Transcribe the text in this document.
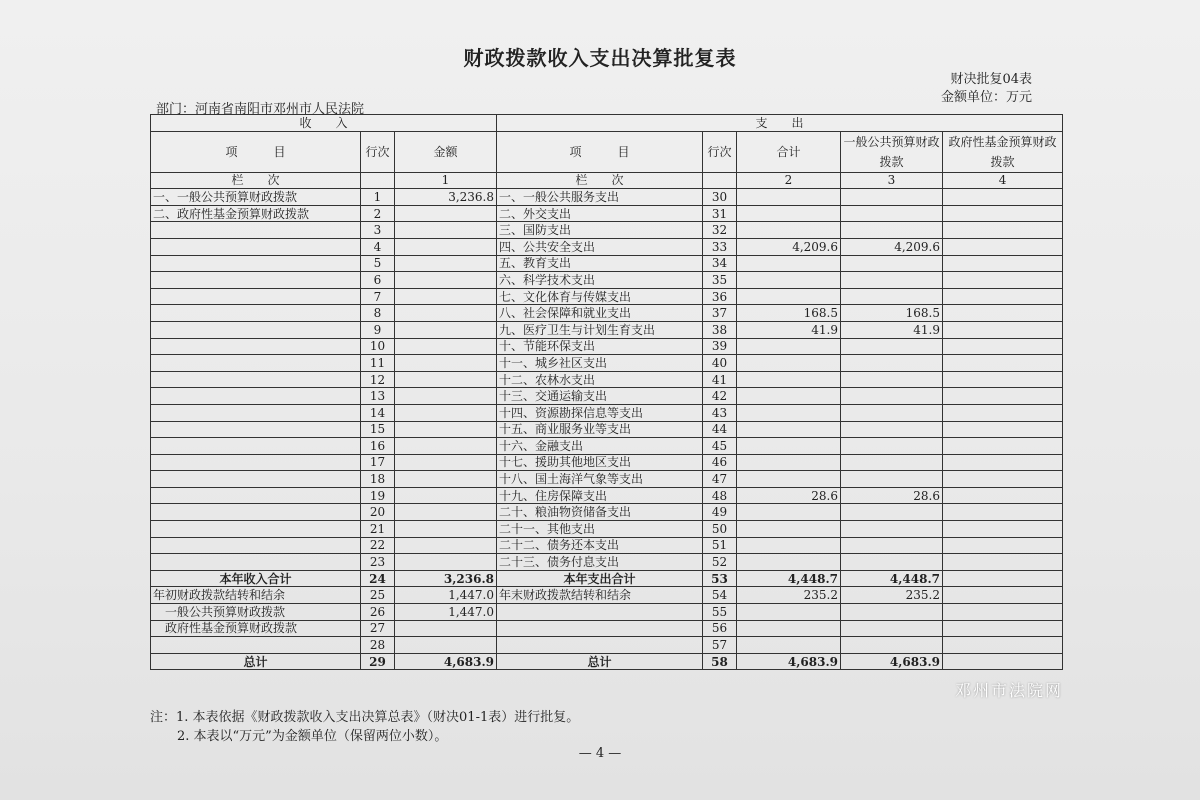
财政拨款收入支出决算批复表
财决批复04表
金额单位：万元
部门：河南省南阳市邓州市人民法院
收　　入			支　　出				
项　　　目	行次	金额	项　　　目	行次	合计	一般公共预算财政拨款	政府性基金预算财政拨款
栏　　次		1	栏　　次		2	3	4
一、一般公共预算财政拨款	1	3,236.8	一、一般公共服务支出	30			
二、政府性基金预算财政拨款	2		二、外交支出	31			
	3		三、国防支出	32			
	4		四、公共安全支出	33	4,209.6	4,209.6	
	5		五、教育支出	34			
	6		六、科学技术支出	35			
	7		七、文化体育与传媒支出	36			
	8		八、社会保障和就业支出	37	168.5	168.5	
	9		九、医疗卫生与计划生育支出	38	41.9	41.9	
	10		十、节能环保支出	39			
	11		十一、城乡社区支出	40			
	12		十二、农林水支出	41			
	13		十三、交通运输支出	42			
	14		十四、资源勘探信息等支出	43			
	15		十五、商业服务业等支出	44			
	16		十六、金融支出	45			
	17		十七、援助其他地区支出	46			
	18		十八、国土海洋气象等支出	47			
	19		十九、住房保障支出	48	28.6	28.6	
	20		二十、粮油物资储备支出	49			
	21		二十一、其他支出	50			
	22		二十二、债务还本支出	51			
	23		二十三、债务付息支出	52			
本年收入合计	24	3,236.8	本年支出合计	53	4,448.7	4,448.7	
年初财政拨款结转和结余	25	1,447.0	年末财政拨款结转和结余	54	235.2	235.2	
一般公共预算财政拨款	26	1,447.0		55			
政府性基金预算财政拨款	27			56			
	28			57			
总计	29	4,683.9	总计	58	4,683.9	4,683.9	
注：1. 本表依据《财政拨款收入支出决算总表》（财决01-1表）进行批复。
2. 本表以“万元”为金额单位（保留两位小数）。
— 4 —
邓州市法院网
